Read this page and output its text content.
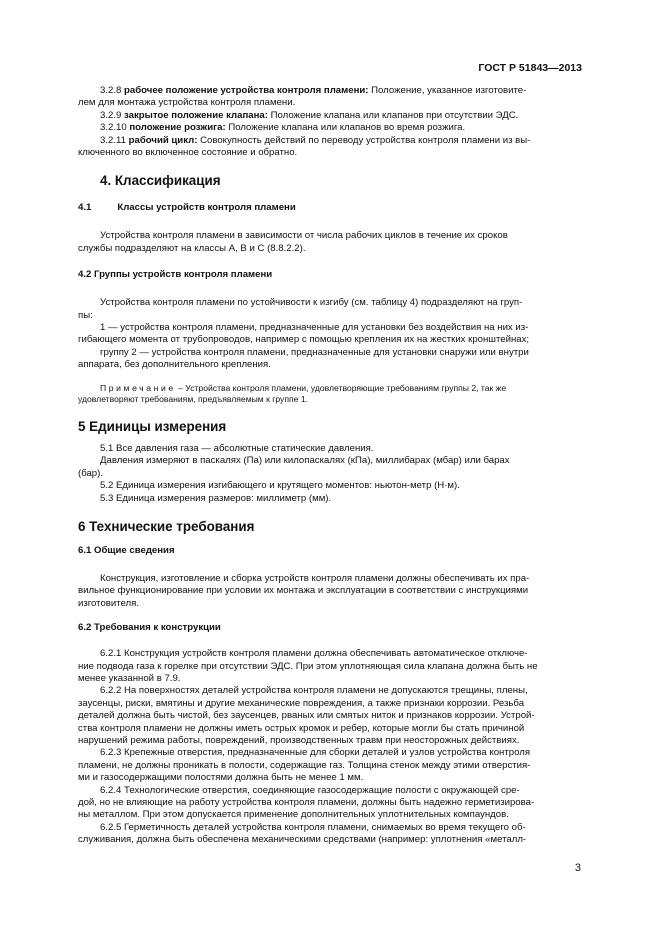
ГОСТ Р 51843—2013

3.2.8 рабочее положение устройства контроля пламени: Положение, указанное изготовите-

лем для монтажа устройства контроля пламени.

3.2.9 закрытое положение клапана: Положение клапана или клапанов при отсутствии ЭДС.

3.2.10 положение розжига: Положение клапана или клапанов во время розжига.

3.2.11 рабочий цикл: Совокупность действий по переводу устройства контроля пламени из вы-

ключенного во включенное состояние и обратно.

4. Классификация
4.1	Классы устройств контроля пламени

Устройства контроля пламени в зависимости от числа рабочих циклов в течение их сроков

службы подразделяют на классы A, B и C (8.8.2.2).

4.2 Группы устройств контроля пламени

Устройства контроля пламени по устойчивости к изгибу (см. таблицу 4) подразделяют на груп-

пы:

1 — устройства контроля пламени, предназначенные для установки без воздействия на них из-

гибающего момента от трубопроводов, например с помощью крепления их на жестких кронштейнах;

группу 2 — устройства контроля пламени, предназначенные для установки снаружи или внутри

аппарата, без дополнительного крепления.

Примечание – Устройства контроля пламени, удовлетворяющие требованиям группы 2, так же

удовлетворяют требованиям, предъявляемым к группе 1.

5 Единицы измерения

5.1 Все давления газа — абсолютные статические давления.

Давления измеряют в паскалях (Па) или килопаскалях (кПа), миллибарах (мбар) или барах

(бар).

5.2 Единица измерения изгибающего и крутящего моментов: ньютон-метр (Н·м).

5.3 Единица измерения размеров: миллиметр (мм).

6 Технические требования
6.1 Общие сведения

Конструкция, изготовление и сборка устройств контроля пламени должны обеспечивать их пра-

вильное функционирование при условии их монтажа и эксплуатации в соответствии с инструкциями

изготовителя.

6.2 Требования к конструкции

6.2.1 Конструкция устройств контроля пламени должна обеспечивать автоматическое отключе-

ние подвода газа к горелке при отсутствии ЭДС. При этом уплотняющая сила клапана должна быть не

менее указанной в 7.9.

6.2.2 На поверхностях деталей устройства контроля пламени не допускаются трещины, плены,

заусенцы, риски, вмятины и другие механические повреждения, а также признаки коррозии. Резьба

деталей должна быть чистой, без заусенцев, рваных или смятых ниток и признаков коррозии. Устрой-

ства контроля пламени не должны иметь острых кромок и ребер, которые могли бы стать причиной

нарушений режима работы, повреждений, производственных травм при неосторожных действиях.

6.2.3 Крепежные отверстия, предназначенные для сборки деталей и узлов устройства контроля

пламени, не должны проникать в полости, содержащие газ. Толщина стенок между этими отверстия-

ми и газосодержащими полостями должна быть не менее 1 мм.

6.2.4 Технологические отверстия, соединяющие газосодержащие полости с окружающей сре-

дой, но не влияющие на работу устройства контроля пламени, должны быть надежно герметизирова-

ны металлом. При этом допускается применение дополнительных уплотнительных компаундов.

6.2.5 Герметичность деталей устройства контроля пламени, снимаемых во время текущего об-

служивания, должна быть обеспечена механическими средствами (например: уплотнения «металл-

3
